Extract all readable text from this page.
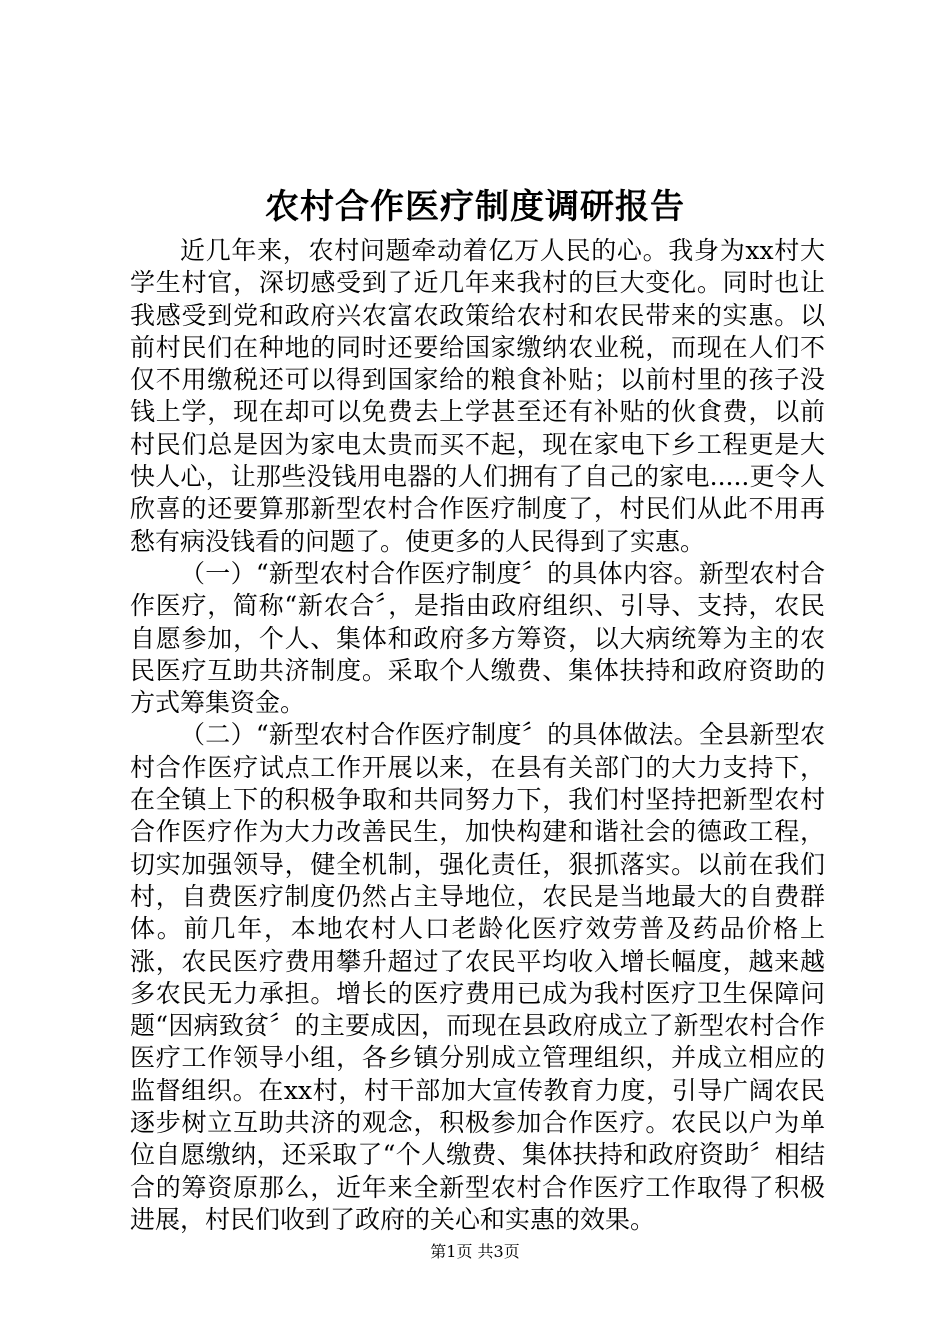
农村合作医疗制度调研报告

近几年来，农村问题牵动着亿万人民的心。我身为xx村大学生村官，深切感受到了近几年来我村的巨大变化。同时也让我感受到党和政府兴农富农政策给农村和农民带来的实惠。以前村民们在种地的同时还要给国家缴纳农业税，而现在人们不仅不用缴税还可以得到国家给的粮食补贴；以前村里的孩子没钱上学，现在却可以免费去上学甚至还有补贴的伙食费，以前村民们总是因为家电太贵而买不起，现在家电下乡工程更是大快人心，让那些没钱用电器的人们拥有了自己的家电.....更令人欣喜的还要算那新型农村合作医疗制度了，村民们从此不用再愁有病没钱看的问题了。使更多的人民得到了实惠。

（一）“新型农村合作医疗制度〞的具体内容。新型农村合作医疗，简称“新农合〞，是指由政府组织、引导、支持，农民自愿参加，个人、集体和政府多方筹资，以大病统筹为主的农民医疗互助共济制度。采取个人缴费、集体扶持和政府资助的方式筹集资金。

（二）“新型农村合作医疗制度〞的具体做法。全县新型农村合作医疗试点工作开展以来，在县有关部门的大力支持下，在全镇上下的积极争取和共同努力下，我们村坚持把新型农村合作医疗作为大力改善民生，加快构建和谐社会的德政工程，切实加强领导，健全机制，强化责任，狠抓落实。以前在我们村，自费医疗制度仍然占主导地位，农民是当地最大的自费群体。前几年，本地农村人口老龄化医疗效劳普及药品价格上涨，农民医疗费用攀升超过了农民平均收入增长幅度，越来越多农民无力承担。增长的医疗费用已成为我村医疗卫生保障问题“因病致贫〞的主要成因，而现在县政府成立了新型农村合作医疗工作领导小组，各乡镇分别成立管理组织，并成立相应的监督组织。在xx村，村干部加大宣传教育力度，引导广阔农民逐步树立互助共济的观念，积极参加合作医疗。农民以户为单位自愿缴纳，还采取了“个人缴费、集体扶持和政府资助〞相结合的筹资原那么，近年来全新型农村合作医疗工作取得了积极进展，村民们收到了政府的关心和实惠的效果。

第1页 共3页
